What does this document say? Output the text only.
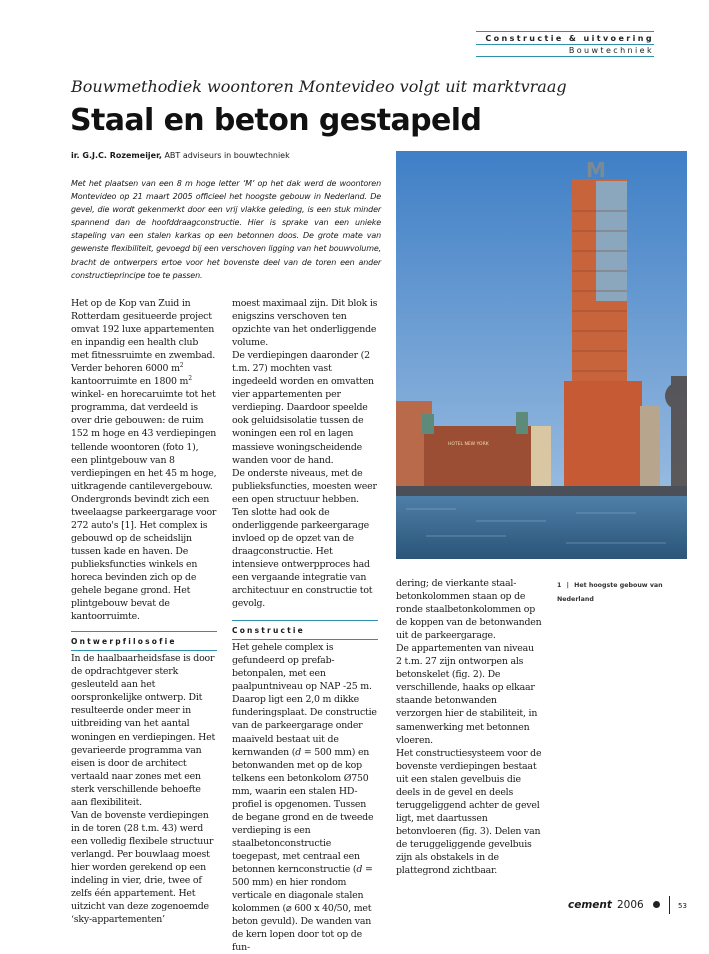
Constructie & uitvoering
Bouwtechniek
Bouwmethodiek woontoren Montevideo volgt uit marktvraag
Staal en beton gestapeld
ir. G.J.C. Rozemeijer, ABT adviseurs in bouwtechniek
Met het plaatsen van een 8 m hoge letter ‘M’ op het dak werd de woontoren Montevideo op 21 maart 2005 officieel het hoogste gebouw in Nederland. De gevel, die wordt gekenmerkt door een vrij vlakke geleding, is een stuk minder spannend dan de hoofddraagconstructie. Hier is sprake van een unieke stapeling van een stalen karkas op een betonnen doos. De grote mate van gewenste flexibiliteit, gevoegd bij een verschoven ligging van het bouwvolume, bracht de ontwerpers ertoe voor het bovenste deel van de toren een ander constructieprincipe toe te passen.

Het op de Kop van Zuid in Rotterdam gesitueerde project omvat 192 luxe appartementen en inpandig een health club met fitnessruimte en zwembad. Verder behoren 6000 $m^2$ kantoorruimte en 1800 $m^2$ winkel- en horecaruimte tot het programma, dat verdeeld is over drie gebouwen: de ruim 152 m hoge en 43 verdiepingen tellende woontoren (foto 1), een plintgebouw van 8 verdiepingen en het 45 m hoge, uitkragende cantilevergebouw. Ondergronds bevindt zich een tweelaagse parkeergarage voor 272 auto's [1]. Het complex is gebouwd op de scheidslijn tussen kade en haven. De publieksfuncties winkels en horeca bevinden zich op de gehele begane grond. Het plintgebouw bevat de kantoorruimte.

Ontwerpfilosofie

In de haalbaarheidsfase is door de opdrachtgever sterk gesleuteld aan het oorspronkelijke ontwerp. Dit resulteerde onder meer in uitbreiding van het aantal woningen en verdiepingen. Het gevarieerde programma van eisen is door de architect vertaald naar zones met een sterk verschillende behoefte aan flexibiliteit.

Van de bovenste verdiepingen in de toren (28 t.m. 43) werd een volledig flexibele structuur verlangd. Per bouwlaag moest hier worden gerekend op een indeling in vier, drie, twee of zelfs één appartement. Het uitzicht van deze zogenoemde ‘sky-appartementen’

moest maximaal zijn. Dit blok is enigszins verschoven ten opzichte van het onderliggende volume.

De verdiepingen daaronder (2 t.m. 27) mochten vast ingedeeld worden en omvatten vier appartementen per verdieping. Daardoor speelde ook geluidsisolatie tussen de woningen een rol en lagen massieve woningscheidende wanden voor de hand.

De onderste niveaus, met de publieksfuncties, moesten weer een open structuur hebben. Ten slotte had ook de onderliggende parkeergarage invloed op de opzet van de draagconstructie. Het intensieve ontwerpproces had een vergaande integratie van architectuur en constructie tot gevolg.

Constructie

Het gehele complex is gefundeerd op prefab-betonpalen, met een paalpuntniveau op NAP -25 m. Daarop ligt een 2,0 m dikke funderingsplaat. De constructie van de parkeergarage onder maaiveld bestaat uit de kernwanden (d = 500 mm) en betonwanden met op de kop telkens een betonkolom Ø750 mm, waarin een stalen HD-profiel is opgenomen. Tussen de begane grond en de tweede verdieping is een staalbetonconstructie toegepast, met centraal een betonnen kernconstructie (d = 500 mm) en hier rondom verticale en diagonale stalen kolommen (⌀ 600 x 40/50, met beton gevuld). De wanden van de kern lopen door tot op de fun-

dering; de vierkante staal-betonkolommen staan op de ronde staalbetonkolommen op de koppen van de betonwanden uit de parkeergarage.

De appartementen van niveau 2 t.m. 27 zijn ontworpen als betonskelet (fig. 2). De verschillende, haaks op elkaar staande betonwanden verzorgen hier de stabiliteit, in samenwerking met betonnen vloeren.

Het constructiesysteem voor de bovenste verdiepingen bestaat uit een stalen gevelbuis die deels in de gevel en deels teruggeliggend achter de gevel ligt, met daartussen betonvloeren (fig. 3). Delen van de teruggeliggende gevelbuis zijn als obstakels in de plattegrond zichtbaar.

1 | Het hoogste gebouw van Nederland
M
HOTEL NEW YORK
cement 2006	53
